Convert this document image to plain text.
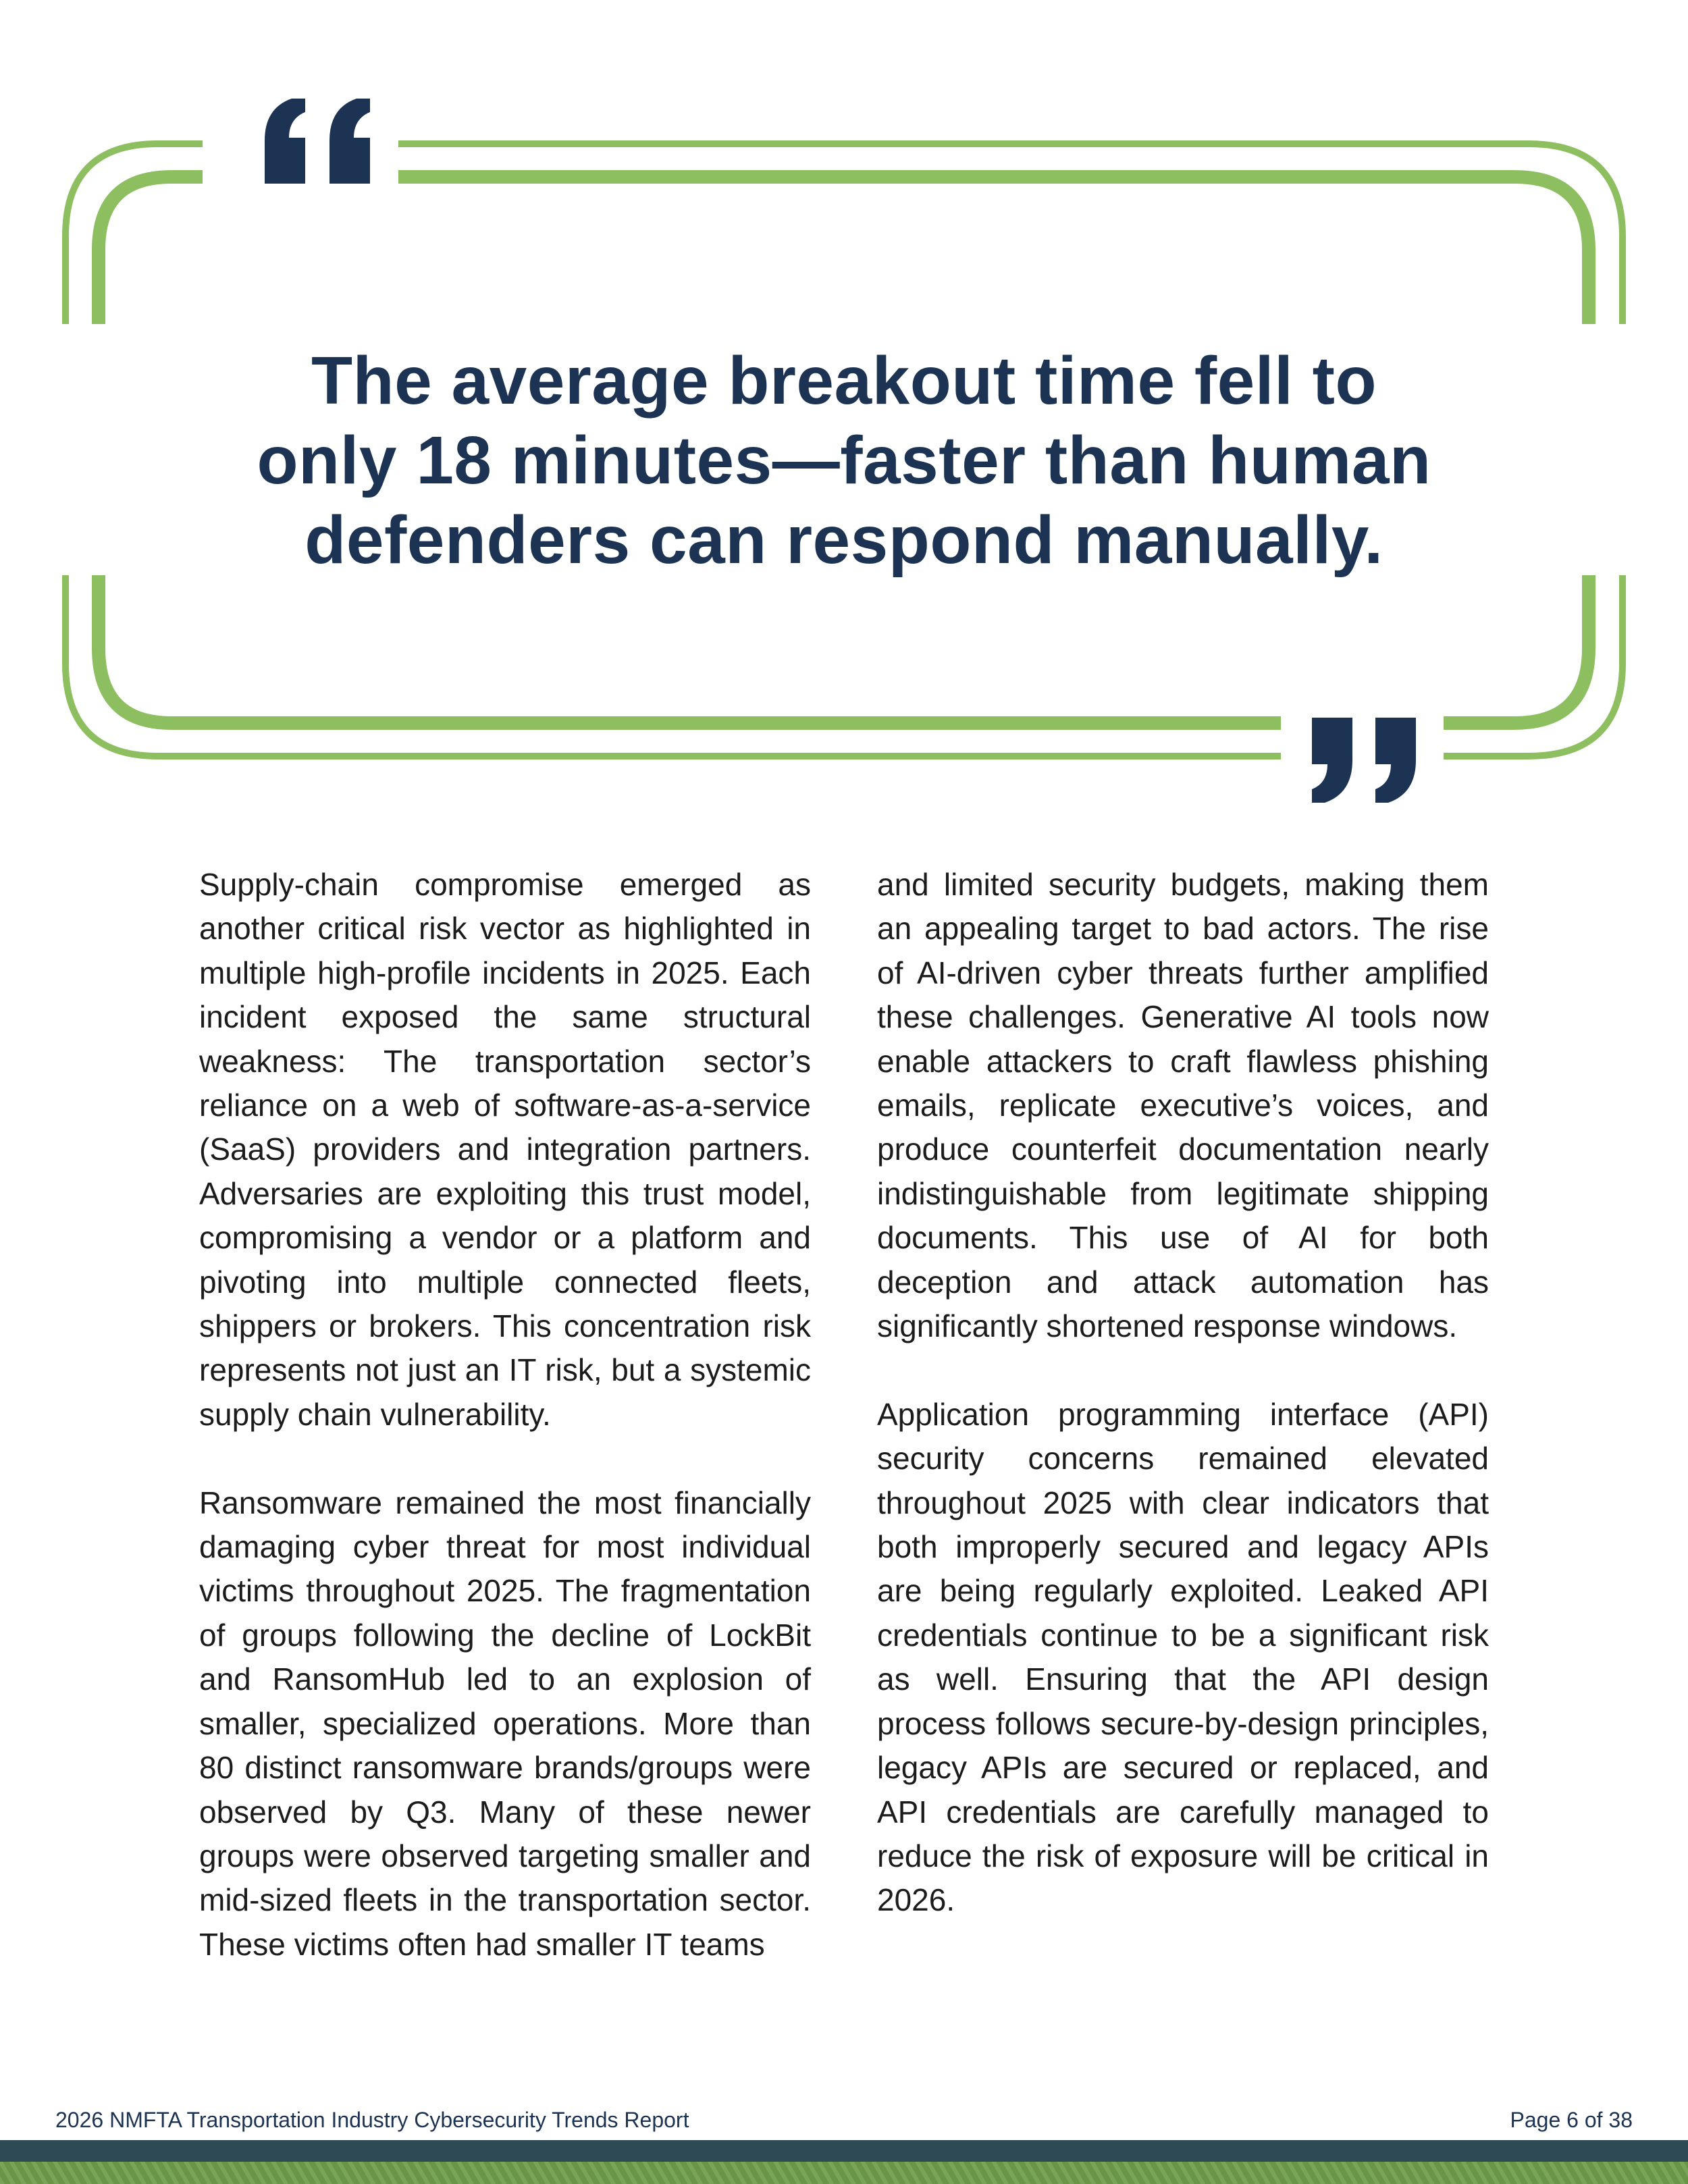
The average breakout time fell to
only 18 minutes—faster than human
defenders can respond manually.

Supply-chain compromise emerged as another critical risk vector as highlighted in multiple high-profile incidents in 2025. Each incident exposed the same structural weakness: The transportation sector’s reliance on a web of software-as-a-service (SaaS) providers and integration partners. Adversaries are exploiting this trust model, compromising a vendor or a platform and pivoting into multiple connected fleets, shippers or brokers. This concentration risk represents not just an IT risk, but a systemic supply chain vulnerability.

Ransomware remained the most financially damaging cyber threat for most individual victims throughout 2025. The fragmentation of groups following the decline of LockBit and RansomHub led to an explosion of smaller, specialized operations. More than 80 distinct ransomware brands/groups were observed by Q3. Many of these newer groups were observed targeting smaller and mid-sized fleets in the transportation sector. These victims often had smaller IT teams

and limited security budgets, making them an appealing target to bad actors. The rise of AI-driven cyber threats further amplified these challenges. Generative AI tools now enable attackers to craft flawless phishing emails, replicate executive’s voices, and produce counterfeit documentation nearly indistinguishable from legitimate shipping documents. This use of AI for both deception and attack automation has significantly shortened response windows.

Application programming interface (API) security concerns remained elevated throughout 2025 with clear indicators that both improperly secured and legacy APIs are being regularly exploited. Leaked API credentials continue to be a significant risk as well. Ensuring that the API design process follows secure-by-design principles, legacy APIs are secured or replaced, and API credentials are carefully managed to reduce the risk of exposure will be critical in 2026.

2026 NMFTA Transportation Industry Cybersecurity Trends Report	Page 6 of 38
